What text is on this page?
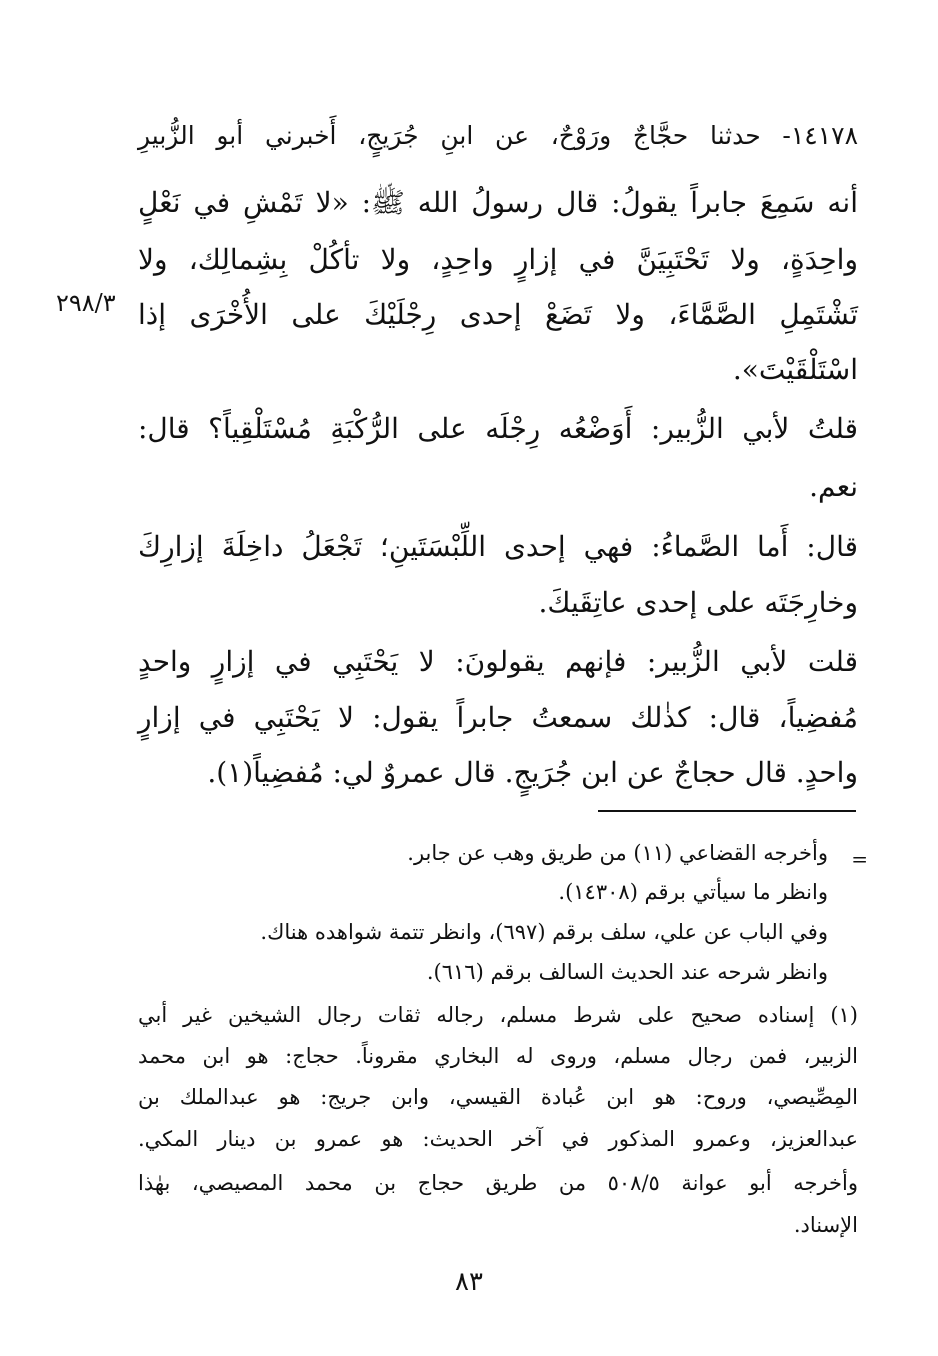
١٤١٧٨- حدثنا حجَّاجٌ ورَوْحٌ، عن ابنِ جُرَيجٍ، أَخبرني أبو الزُّبيرِ
أنه سَمِعَ جابراً يقولُ: قال رسولُ الله ﷺ: «لا تَمْشِ في نَعْلٍ
واحِدَةٍ، ولا تَحْتَبِيَنَّ في إزارٍ واحِدٍ، ولا تأكُلْ بِشِمالِك، ولا
تَشْتَمِلِ الصَّمَّاءَ، ولا تَضَعْ إحدى رِجْلَيْكَ على الأُخْرَى إذا
اسْتَلْقَيْتَ».
٢٩٨/٣
قلتُ لأبي الزُّبير: أَوَضْعُه رِجْلَه على الرُّكْبَةِ مُسْتَلْقِياً؟ قال:
نعم.
قال: أَما الصَّماءُ: فهي إحدى اللِّبْسَتَينِ؛ تَجْعَلُ داخِلَةَ إزارِكَ
وخارِجَتَه على إحدى عاتِقَيكَ.
قلت لأبي الزُّبير: فإنهم يقولونَ: لا يَحْتَبِي في إزارٍ واحدٍ
مُفضِياً، قال: كذٰلك سمعتُ جابراً يقول: لا يَحْتَبِي في إزارٍ
واحدٍ. قال حجاجٌ عن ابن جُرَيجٍ. قال عمروٌ لي: مُفضِياً(١).
=
وأخرجه القضاعي (١١) من طريق وهب عن جابر.
وانظر ما سيأتي برقم (١٤٣٠٨).
وفي الباب عن علي، سلف برقم (٦٩٧)، وانظر تتمة شواهده هناك.
وانظر شرحه عند الحديث السالف برقم (٦١٦).
(١) إسناده صحيح على شرط مسلم، رجاله ثقات رجال الشيخين غير أبي
الزبير، فمن رجال مسلم، وروى له البخاري مقروناً. حجاج: هو ابن محمد
المِصِّيصي، وروح: هو ابن عُبادة القيسي، وابن جريج: هو عبدالملك بن
عبدالعزيز، وعمرو المذكور في آخر الحديث: هو عمرو بن دينار المكي.
وأخرجه أبو عوانة ٥٠٨/٥ من طريق حجاج بن محمد المصيصي، بهٰذا
الإسناد.
٨٣
